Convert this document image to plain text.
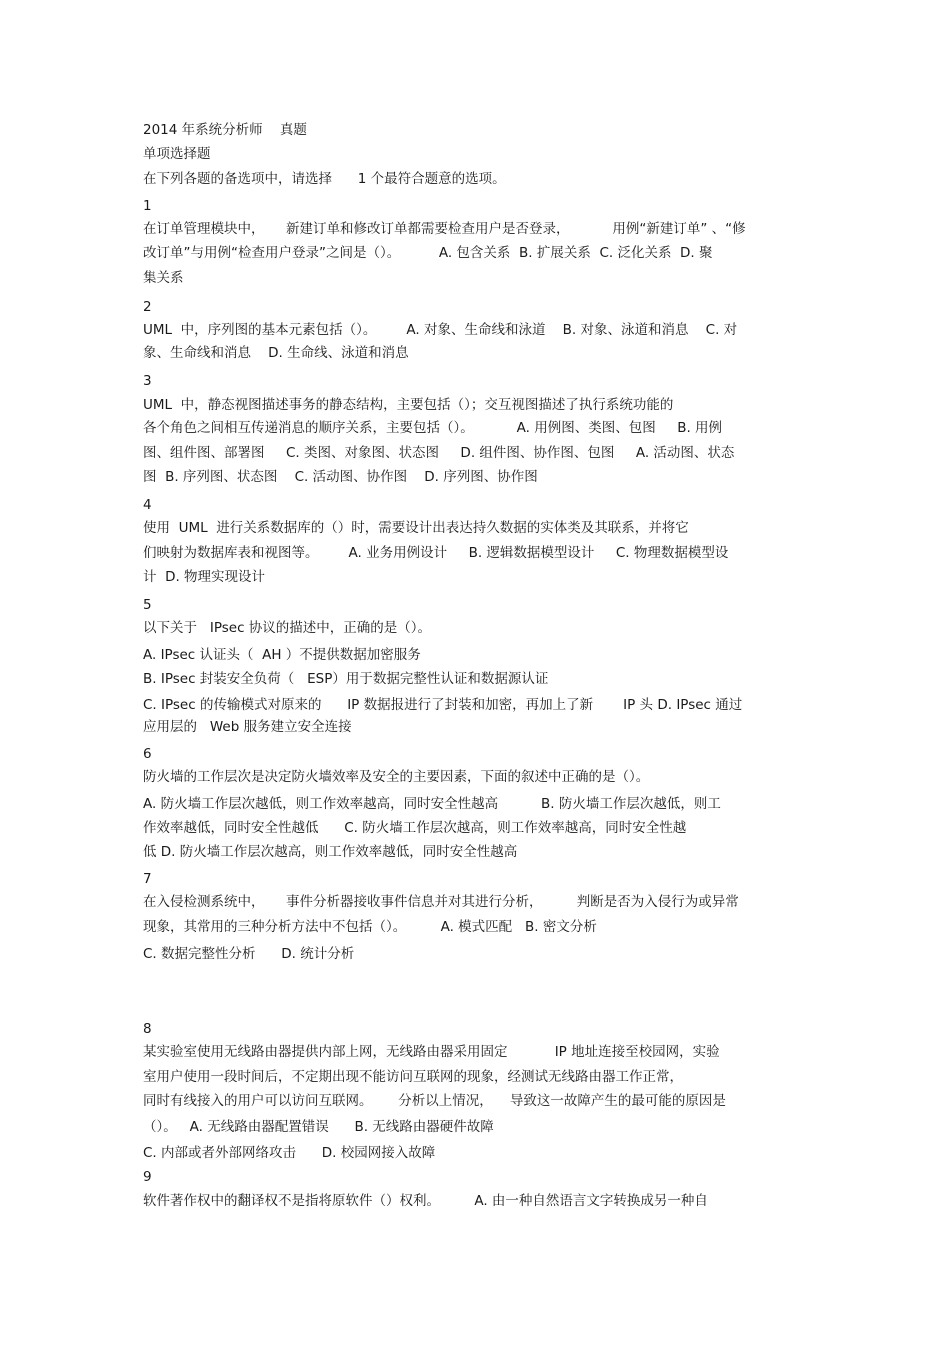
2014 年系统分析师    真题
单项选择题
在下列各题的备选项中，请选择      1 个最符合题意的选项。
1
在订单管理模块中，     新建订单和修改订单都需要检查用户是否登录，          用例“新建订单” 、“修
改订单”与用例“检查用户登录”之间是（）。         A. 包含关系  B. 扩展关系  C. 泛化关系  D. 聚
集关系
2
UML  中，序列图的基本元素包括（）。       A. 对象、生命线和泳道    B. 对象、泳道和消息    C. 对
象、生命线和消息    D. 生命线、泳道和消息
3
UML  中，静态视图描述事务的静态结构，主要包括（）；交互视图描述了执行系统功能的
各个角色之间相互传递消息的顺序关系，主要包括（）。          A. 用例图、类图、包图     B. 用例
图、组件图、部署图     C. 类图、对象图、状态图     D. 组件图、协作图、包图     A. 活动图、状态
图  B. 序列图、状态图    C. 活动图、协作图    D. 序列图、协作图
4
使用  UML  进行关系数据库的（）时，需要设计出表达持久数据的实体类及其联系，并将它
们映射为数据库表和视图等。       A. 业务用例设计     B. 逻辑数据模型设计     C. 物理数据模型设
计  D. 物理实现设计
5
以下关于   IPsec 协议的描述中，正确的是（）。
A. IPsec 认证头（  AH ）不提供数据加密服务
B. IPsec 封装安全负荷（   ESP）用于数据完整性认证和数据源认证
C. IPsec 的传输模式对原来的      IP 数据报进行了封装和加密，再加上了新       IP 头 D. IPsec 通过
应用层的   Web 服务建立安全连接
6
防火墙的工作层次是决定防火墙效率及安全的主要因素，下面的叙述中正确的是（）。
A. 防火墙工作层次越低，则工作效率越高，同时安全性越高          B. 防火墙工作层次越低，则工
作效率越低，同时安全性越低      C. 防火墙工作层次越高，则工作效率越高，同时安全性越
低 D. 防火墙工作层次越高，则工作效率越低，同时安全性越高
7
在入侵检测系统中，     事件分析器接收事件信息并对其进行分析，        判断是否为入侵行为或异常
现象，其常用的三种分析方法中不包括（）。        A. 模式匹配   B. 密文分析
C. 数据完整性分析      D. 统计分析
8
某实验室使用无线路由器提供内部上网，无线路由器采用固定           IP 地址连接至校园网，实验
室用户使用一段时间后，不定期出现不能访问互联网的现象，经测试无线路由器工作正常，
同时有线接入的用户可以访问互联网。      分析以上情况，    导致这一故障产生的最可能的原因是
（）。   A. 无线路由器配置错误      B. 无线路由器硬件故障
C. 内部或者外部网络攻击      D. 校园网接入故障
9
软件著作权中的翻译权不是指将原软件（）权利。        A. 由一种自然语言文字转换成另一种自
